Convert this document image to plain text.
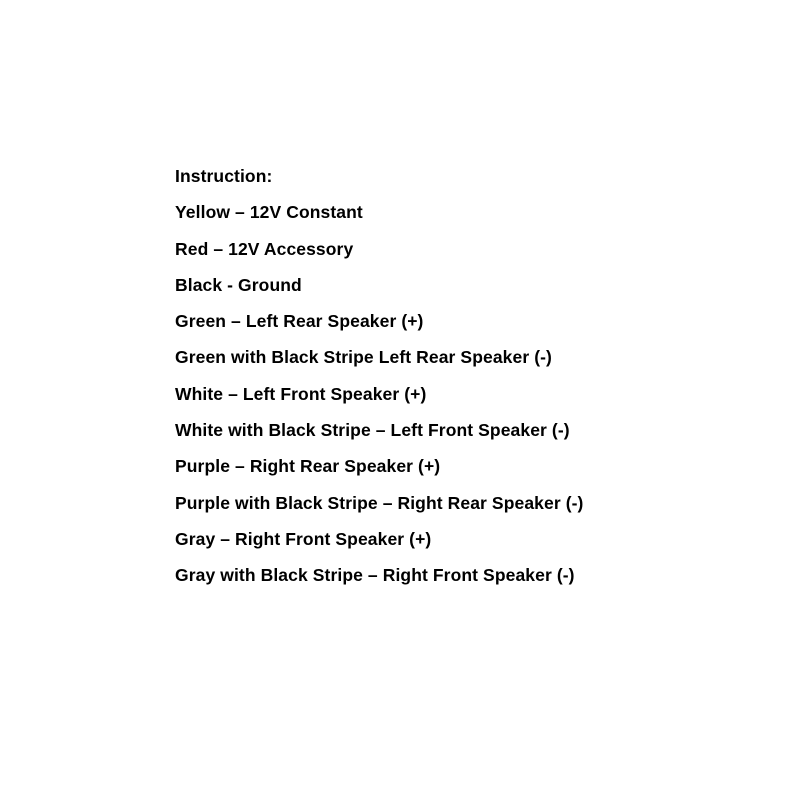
Instruction:
Yellow – 12V Constant
Red – 12V Accessory
Black - Ground
Green – Left Rear Speaker (+)
Green with Black Stripe Left Rear Speaker (-)
White – Left Front Speaker (+)
White with Black Stripe – Left Front Speaker (-)
Purple – Right Rear Speaker (+)
Purple with Black Stripe – Right Rear Speaker (-)
Gray – Right Front Speaker (+)
Gray with Black Stripe – Right Front Speaker (-)
